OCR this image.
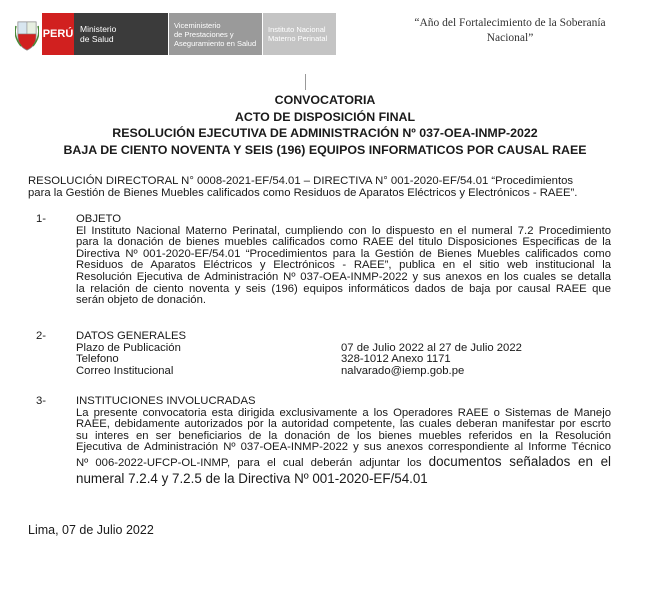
PERÚ Ministerio
de Salud
Viceministerio
de Prestaciones y
Aseguramiento en Salud
Instituto Nacional
Materno Perinatal
“Año del Fortalecimiento de la Soberanía
Nacional”
CONVOCATORIA
ACTO DE DISPOSICIÓN FINAL
RESOLUCIÓN EJECUTIVA DE ADMINISTRACIÓN Nº 037-OEA-INMP-2022
BAJA DE CIENTO NOVENTA Y SEIS (196) EQUIPOS INFORMATICOS POR CAUSAL RAEE
RESOLUCIÓN DIRECTORAL N° 0008-2021-EF/54.01 – DIRECTIVA N° 001-2020-EF/54.01 “Procedimientos
para la Gestión de Bienes Muebles calificados como Residuos de Aparatos Eléctricos y Electrónicos - RAEE”.
1-	OBJETO
El Instituto Nacional Materno Perinatal, cumpliendo con lo dispuesto en el numeral 7.2 Procedimiento
para la donación de bienes muebles calificados como RAEE del titulo Disposiciones Especificas de la
Directiva Nº 001-2020-EF/54.01 “Procedimientos para la Gestión de Bienes Muebles calificados como
Residuos de Aparatos Eléctricos y Electrónicos - RAEE”, publica en el sitio web institucional la
Resolución Ejecutiva de Administración Nº 037-OEA-INMP-2022 y sus anexos en los cuales se detalla
la relación de ciento noventa y seis (196) equipos informáticos dados de baja por causal RAEE que
serán objeto de donación.
2-	DATOS GENERALES
Plazo de Publicación	07 de Julio 2022 al 27 de Julio 2022
Telefono	328-1012 Anexo 1171
Correo Institucional	nalvarado@iemp.gob.pe
3-	INSTITUCIONES INVOLUCRADAS
La presente convocatoria esta dirigida exclusivamente a los Operadores RAEE o Sistemas de Manejo
RAEE, debidamente autorizados por la autoridad competente, las cuales deberan manifestar por escrto
su interes en ser beneficiarios de la donación de los bienes muebles referidos en la Resolución
Ejecutiva de Administración Nº 037-OEA-INMP-2022 y sus anexos correspondiente al Informe Técnico
Nº 006-2022-UFCP-OL-INMP, para el cual deberán adjuntar los documentos señalados en el
numeral 7.2.4 y 7.2.5 de la Directiva Nº 001-2020-EF/54.01
Lima, 07 de Julio 2022
